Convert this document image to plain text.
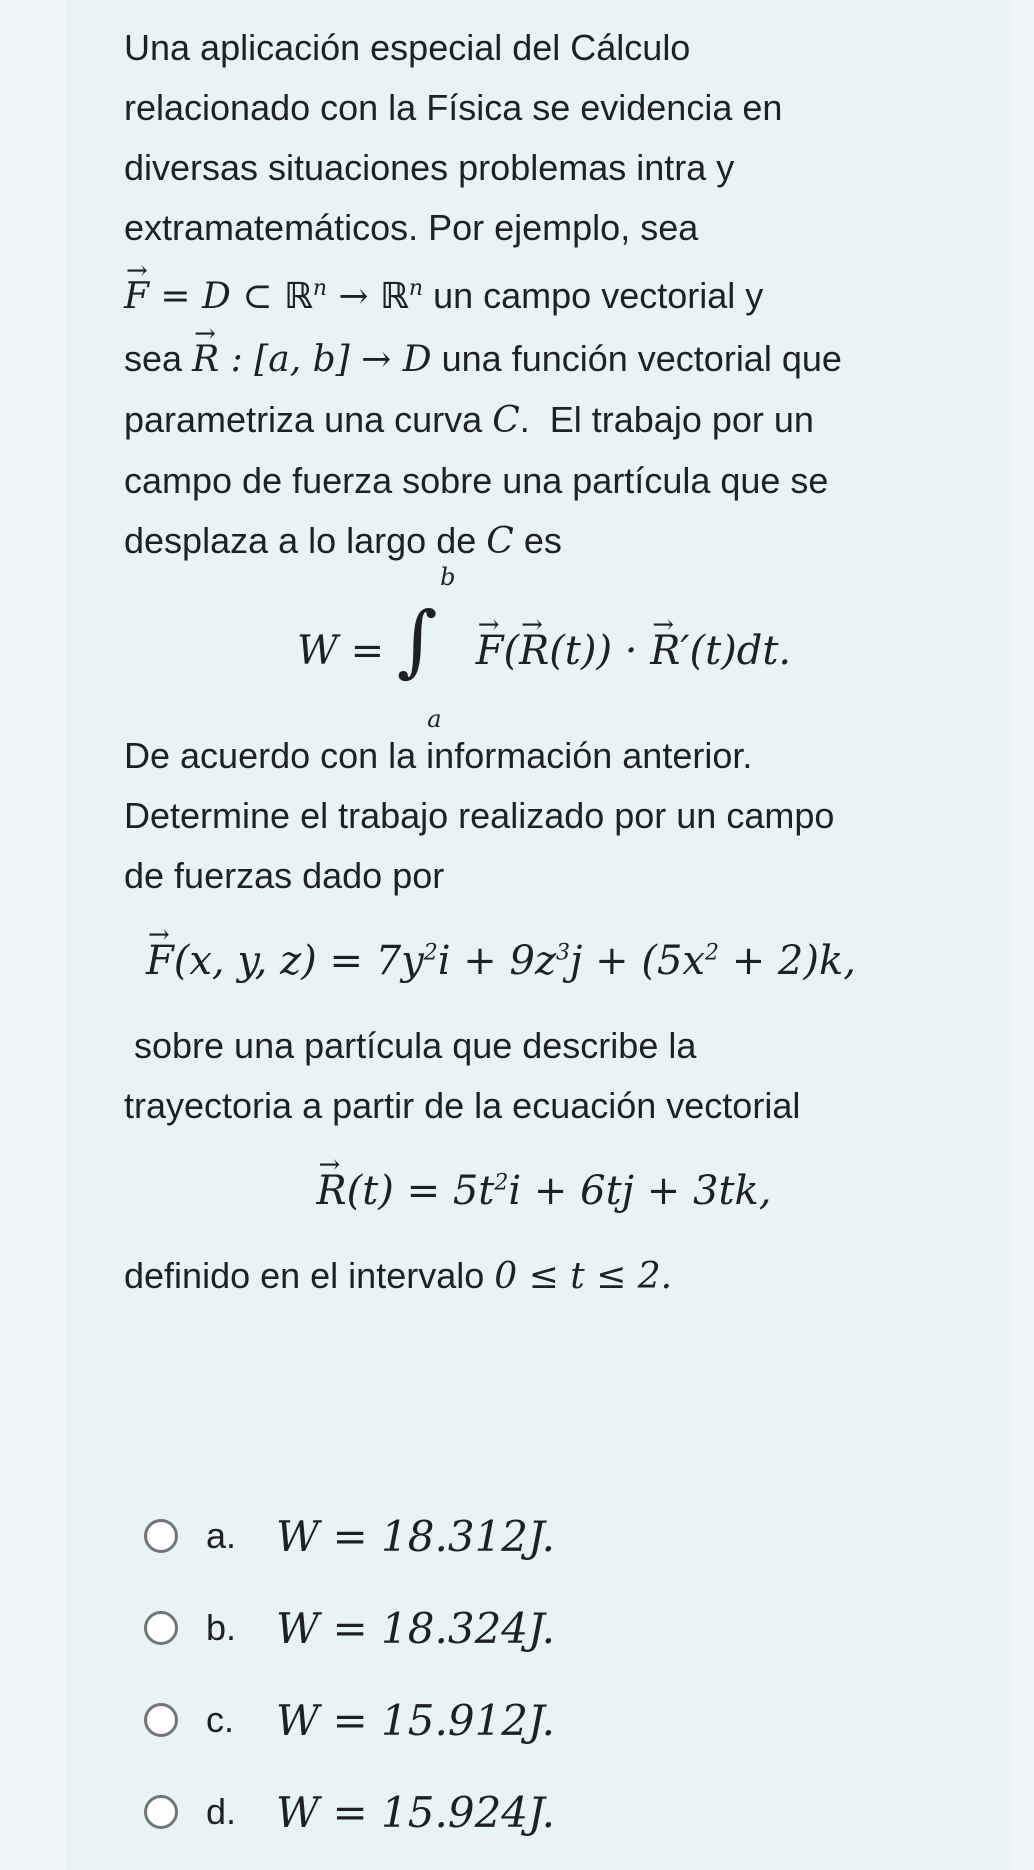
Una aplicación especial del Cálculo

relacionado con la Física se evidencia en

diversas situaciones problemas intra y

extramatemáticos. Por ejemplo, sea

→ F = D ⊂ ℝ$^n$ → ℝ$^n$ un campo vectorial y

sea → R : [a, b] → D una función vectorial que

parametriza una curva C.  El trabajo por un

campo de fuerza sobre una partícula que se

desplaza a lo largo de C es

W = ∫
b
a
→ F(→ R(t)) · → R′(t)dt.

De acuerdo con la información anterior.

Determine el trabajo realizado por un campo

de fuerzas dado por

→ F(x, y, $z) = 7y^2i + 9z^3j + (5x^2 + 2)k$,

sobre una partícula que describe la

trayectoria a partir de la ecuación vectorial

→ $R(t) = 5t^2i + 6tj + 3tk$,

definido en el intervalo 0 ≤ t ≤ 2.

a. W = 18.312J.
b. W = 18.324J.
c. W = 15.912J.
d. W = 15.924J.
